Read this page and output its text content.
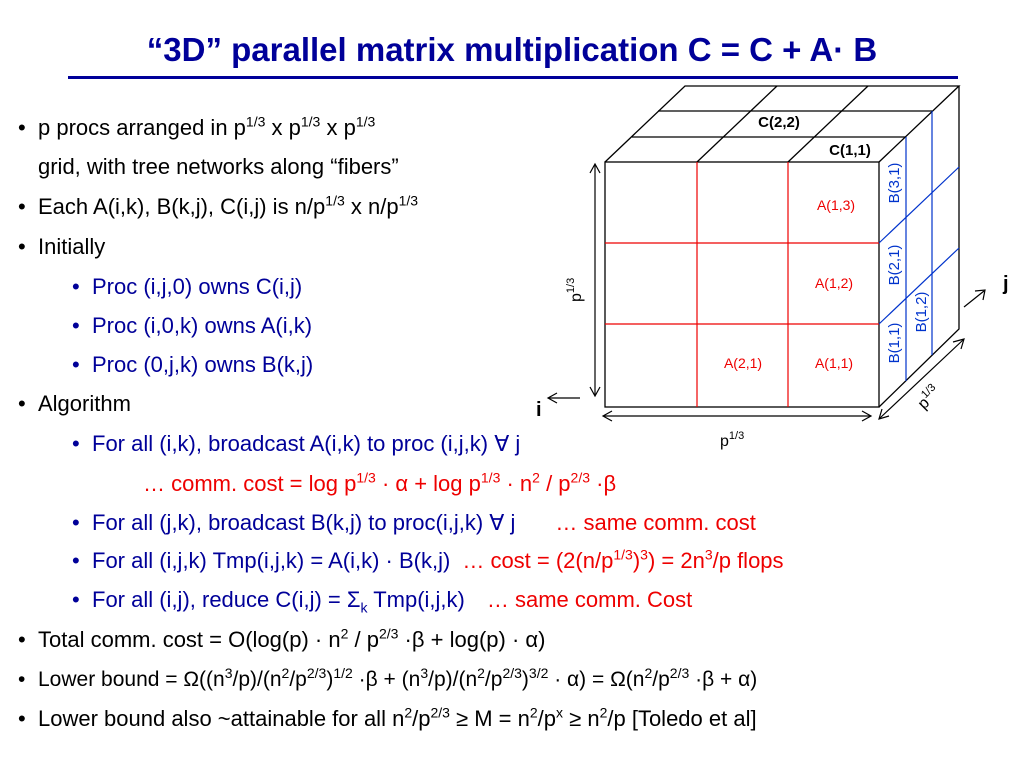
“3D” parallel matrix multiplication C = C + A· B
• p procs arranged in $p^{1/3}$ x $p^{1/3}$ x $p^{1/3}$
grid, with tree networks along “fibers”
• Each A(i,k), B(k,j), C(i,j) is $n/p^{1/3}$ x $n/p^{1/3}$
• Initially
• Proc (i,j,0) owns C(i,j)
• Proc (i,0,k) owns A(i,k)
• Proc (0,j,k) owns B(k,j)
• Algorithm
• For all (i,k), broadcast A(i,k) to proc (i,j,k) ∀ j
… comm. $\cos t = \log p^{1/3} \cdot \alpha + \log p^{1/3} \cdot n^2 / p^{2/3} \cdot\beta$
• For all (j,k), broadcast B(k,j) to proc(i,j,k) ∀ j … same comm. cost
• For all (i,j,k) Tmp(i,j,k) = A(i,k) · B(k,j) … $\cos t = (2(n/p^{1/3})^3) = 2n^3/p$ flops
• For all (i,j), reduce $C(i,j) = \Sigma_k$ Tmp(i,j,k) … same comm. Cost
• Total comm. $\cos t = O(\log(p) \cdot n^2 / p^{2/3} \cdot\beta + \log(p) \cdot \alpha)$
• Lower bound = $\Omega((n^3/p)/(n^2/p^{2/3})^{1/2} \cdot\beta + (n^3/p)/(n^2/p^{2/3})^{3/2} \cdot \alpha) = \Omega(n^2/p^{2/3} \cdot\beta + \alpha)$
• Lower bound also ~attainable for all $n^2/p^{2/3} \ge M = n^2/p^x \ge n^2/p$ [Toledo et al]
C(2,2)
C(1,1)
A(1,3)
A(1,2)
A(2,1)	A(1,1)
B(3,1)
B(2,1)
B(1,1)
B(1,2)
$p^{1/3}$
$p^{1/3}$
$p^{1/3}$
i
j
